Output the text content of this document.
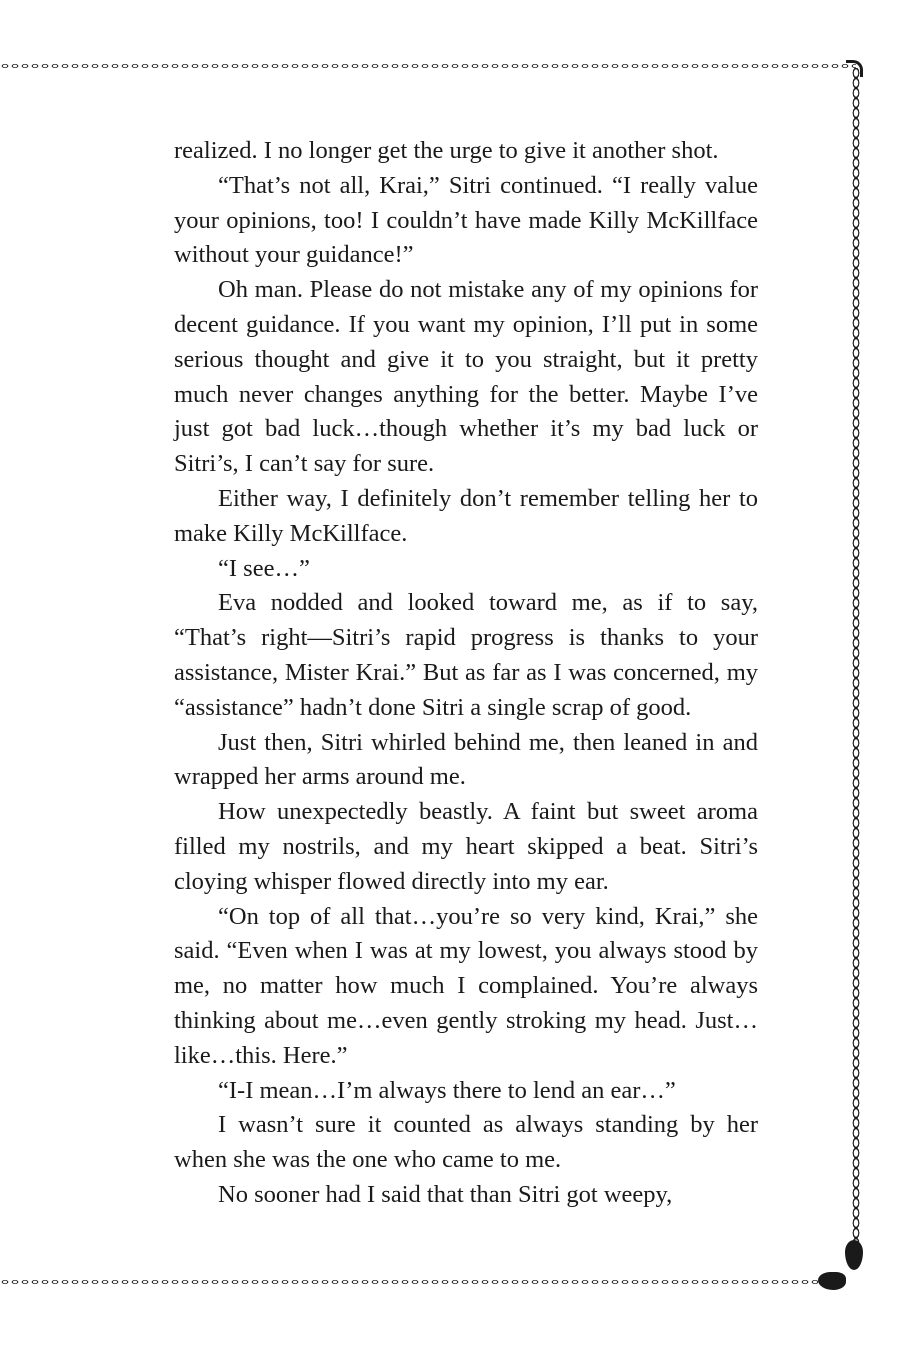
realized. I no longer get the urge to give it another shot.

“That’s not all, Krai,” Sitri continued. “I really value your opinions, too! I couldn’t have made Killy McKillface without your guidance!”

Oh man. Please do not mistake any of my opinions for decent guidance. If you want my opinion, I’ll put in some serious thought and give it to you straight, but it pretty much never changes anything for the better. Maybe I’ve just got bad luck…though whether it’s my bad luck or Sitri’s, I can’t say for sure.

Either way, I definitely don’t remember telling her to make Killy McKillface.

“I see…”

Eva nodded and looked toward me, as if to say, “That’s right—Sitri’s rapid progress is thanks to your assistance, Mister Krai.” But as far as I was concerned, my “assistance” hadn’t done Sitri a single scrap of good.

Just then, Sitri whirled behind me, then leaned in and wrapped her arms around me.

How unexpectedly beastly. A faint but sweet aroma filled my nostrils, and my heart skipped a beat. Sitri’s cloying whisper flowed directly into my ear.

“On top of all that…you’re so very kind, Krai,” she said. “Even when I was at my lowest, you always stood by me, no matter how much I complained. You’re always thinking about me…even gently stroking my head. Just…like…this. Here.”

“I-I mean…I’m always there to lend an ear…”

I wasn’t sure it counted as always standing by her when she was the one who came to me.

No sooner had I said that than Sitri got weepy,
